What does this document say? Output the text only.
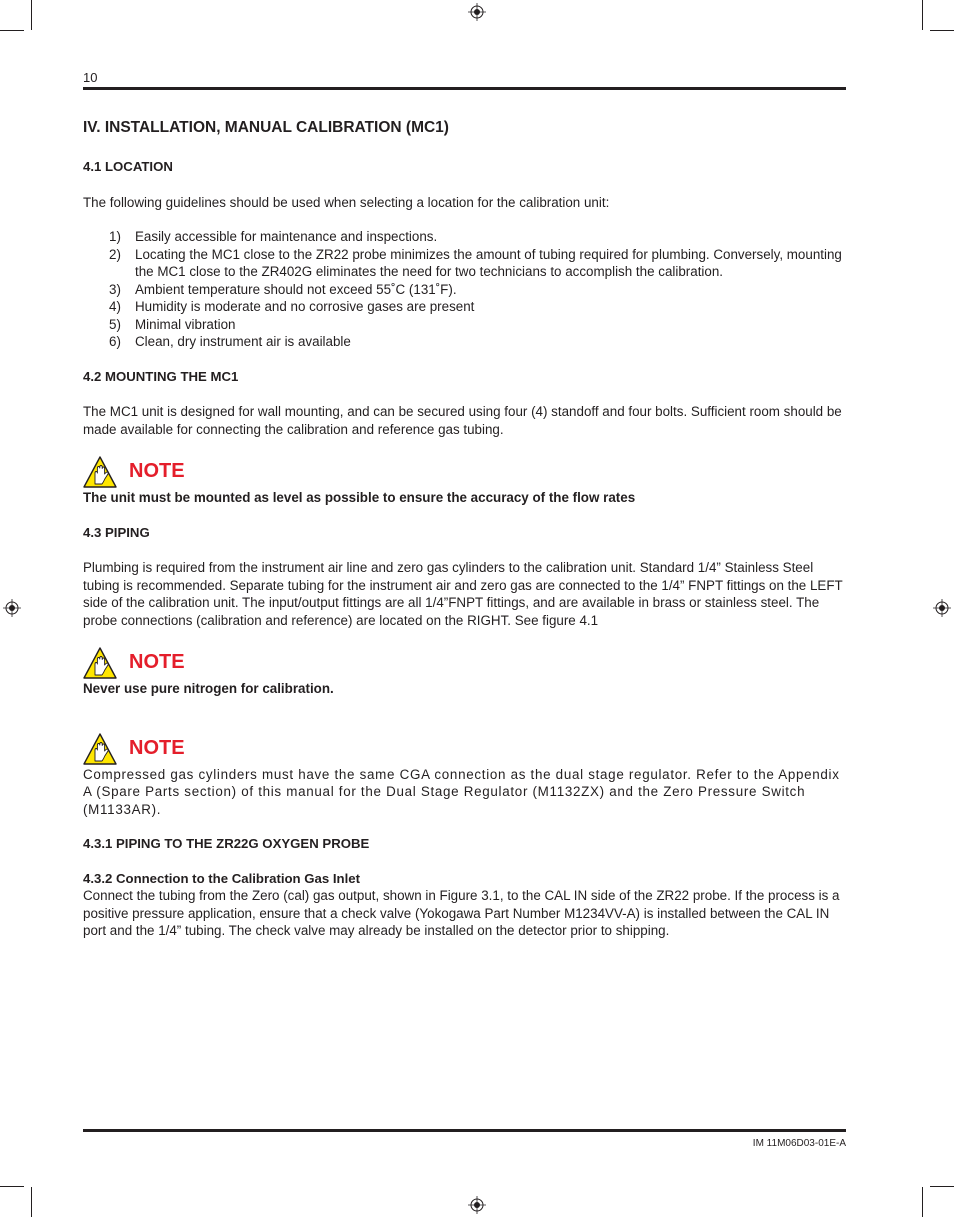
10

IV. INSTALLATION, MANUAL CALIBRATION (MC1)

4.1 LOCATION

The following guidelines should be used when selecting a location for the calibration unit:

1) Easily accessible for maintenance and inspections.
2) Locating the MC1 close to the ZR22 probe minimizes the amount of tubing required for plumbing. Conversely, mounting the MC1 close to the ZR402G eliminates the need for two technicians to accomplish the calibration.
3) Ambient temperature should not exceed 55˚C (131˚F).
4) Humidity is moderate and no corrosive gases are present
5) Minimal vibration
6) Clean, dry instrument air is available

4.2 MOUNTING THE MC1

The MC1 unit is designed for wall mounting, and can be secured using four (4) standoff and four bolts. Sufficient room should be made available for connecting the calibration and reference gas tubing.

NOTE

The unit must be mounted as level as possible to ensure the accuracy of the flow rates

4.3 PIPING

Plumbing is required from the instrument air line and zero gas cylinders to the calibration unit. Standard 1/4” Stainless Steel tubing is recommended. Separate tubing for the instrument air and zero gas are connected to the 1/4” FNPT fittings on the LEFT side of the calibration unit. The input/output fittings are all 1/4”FNPT fittings, and are available in brass or stainless steel. The probe connections (calibration and reference) are located on the RIGHT. See figure 4.1

NOTE

Never use pure nitrogen for calibration.

NOTE

Compressed gas cylinders must have the same CGA connection as the dual stage regulator. Refer to the Appendix A (Spare Parts section) of this manual for the Dual Stage Regulator (M1132ZX) and the Zero Pressure Switch (M1133AR).

4.3.1 PIPING TO THE ZR22G OXYGEN PROBE

4.3.2 Connection to the Calibration Gas Inlet

Connect the tubing from the Zero (cal) gas output, shown in Figure 3.1, to the CAL IN side of the ZR22 probe. If the process is a positive pressure application, ensure that a check valve (Yokogawa Part Number M1234VV-A) is installed between the CAL IN port and the 1/4” tubing. The check valve may already be installed on the detector prior to shipping.

IM 11M06D03-01E-A
